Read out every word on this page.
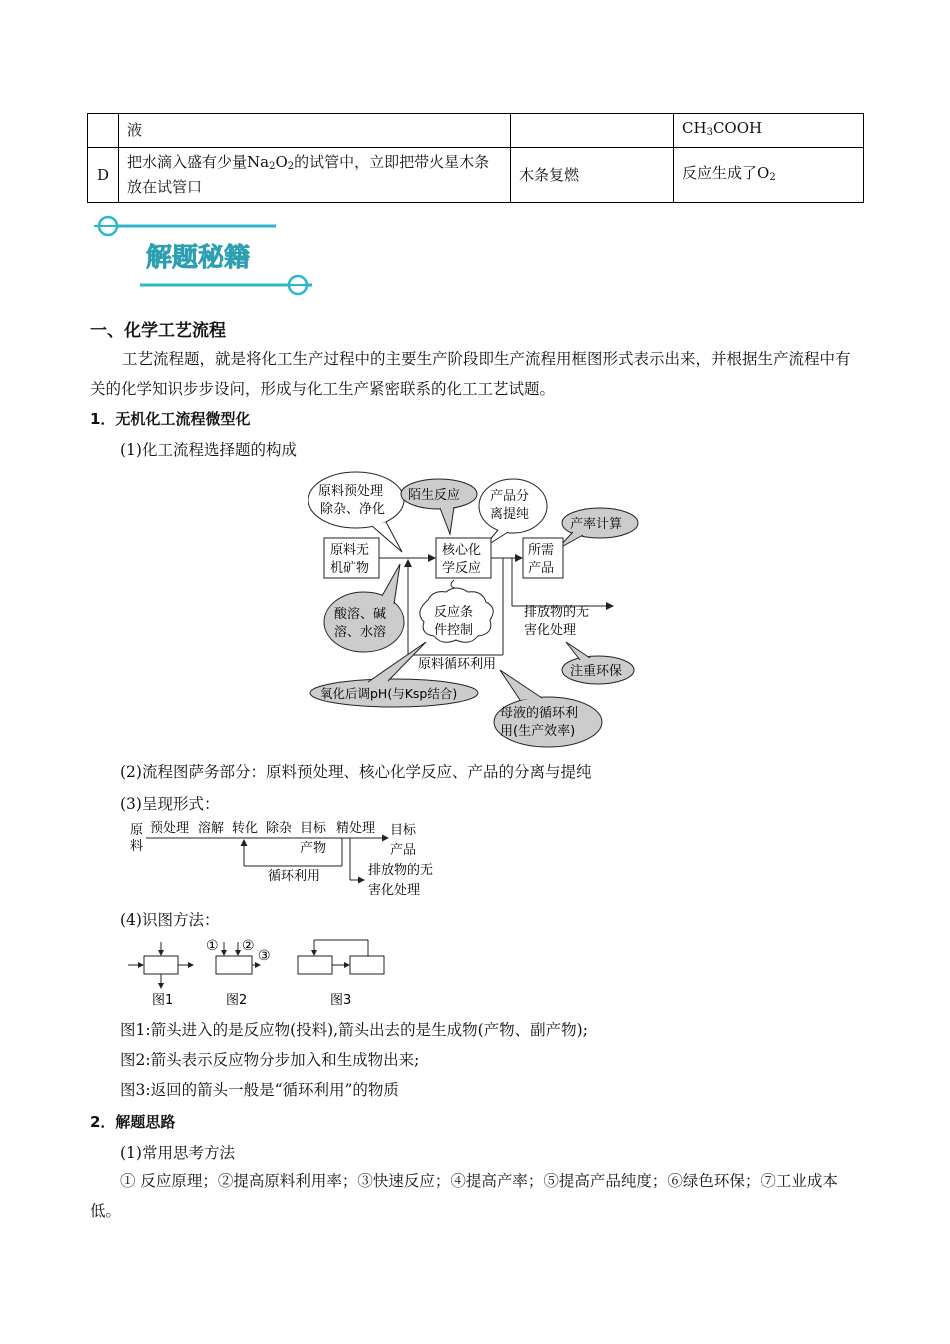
	液		$CH_3COOH$
D	把水滴入盛有少量$Na_2O_2$的试管中，立即把带火星木条放在试管口	木条复燃	反应生成了$O_2$
解题秘籍
一、化学工艺流程
工艺流程题，就是将化工生产过程中的主要生产阶段即生产流程用框图形式表示出来，并根据生产流程中有关的化学知识步步设问，形成与化工生产紧密联系的化工工艺试题。
1．无机化工流程微型化
(1)化工流程选择题的构成
原料预处理
除杂、净化
陌生反应 产品分
离提纯
产率计算
原料无
机矿物
核心化
学反应
所需
产品
排放物的无
害化处理
原料循环利用
酸溶、碱
溶、水溶
反应条
件控制
注重环保
氧化后调pH(与Ksp结合)
母液的循环利
用(生产效率)
(2)流程图萨务部分：原料预处理、核心化学反应、产品的分离与提纯
(3)呈现形式：
原
料
预处理 溶解 转化 除杂 目标
产物
精处理 目标
产品
循环利用	排放物的无
害化处理
(4)识图方法：
图1
① ②
③
图2	图3
图1:箭头进入的是反应物(投料),箭头出去的是生成物(产物、副产物);
图2:箭头表示反应物分步加入和生成物出来;
图3:返回的箭头一般是“循环利用”的物质
2．解题思路
(1)常用思考方法
① 反应原理；②提高原料利用率；③快速反应；④提高产率；⑤提高产品纯度；⑥绿色环保；⑦工业成本低。
